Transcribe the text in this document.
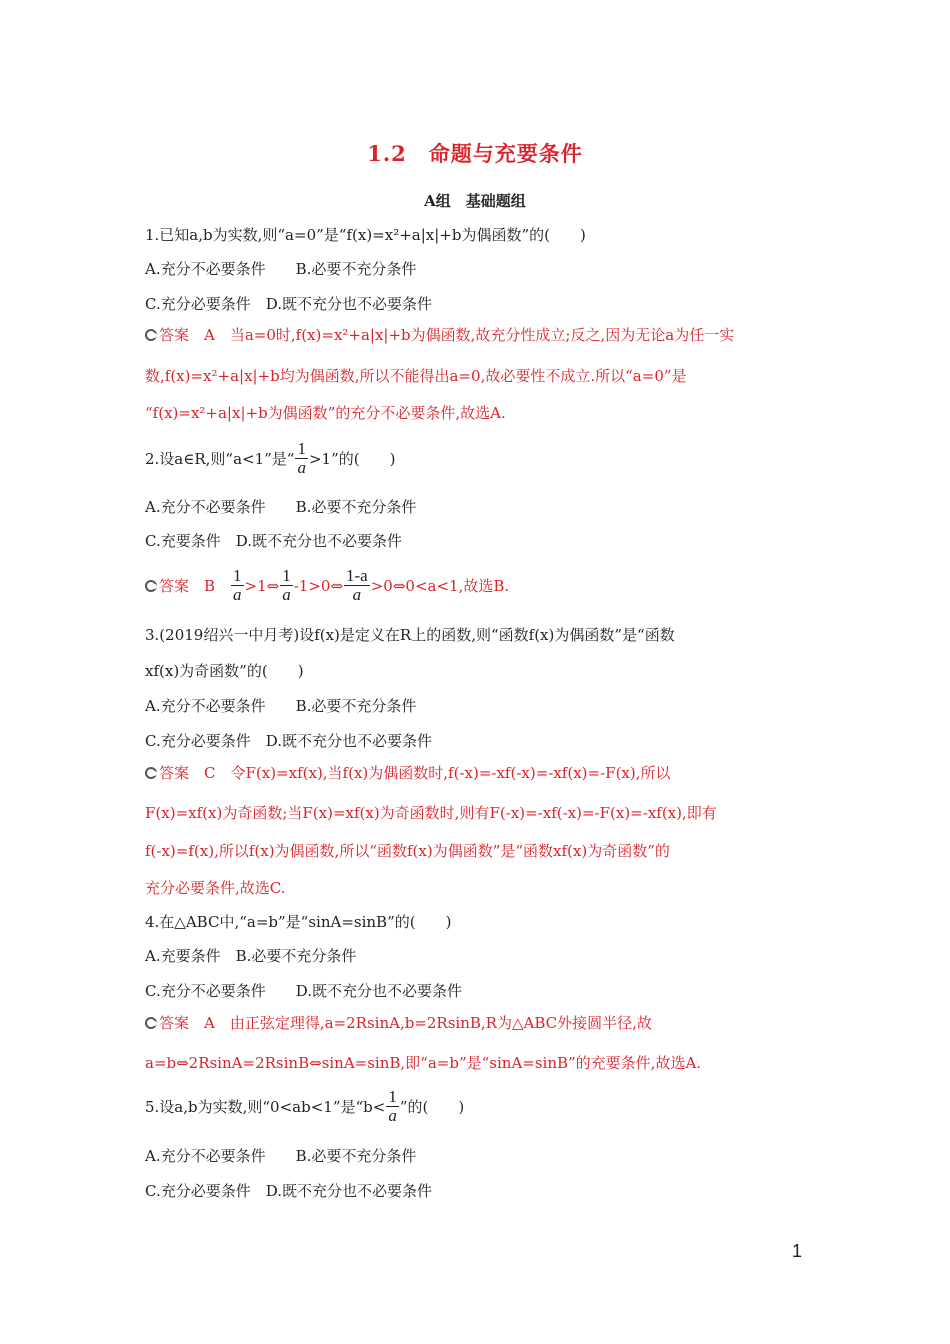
1.2　命题与充要条件
A组　基础题组
1.已知a,b为实数,则“a=0”是“f(x)=x²+a|x|+b为偶函数”的(　　)
A.充分不必要条件　　B.必要不充分条件
C.充分必要条件　D.既不充分也不必要条件
答案　A　当a=0时,f(x)=x²+a|x|+b为偶函数,故充分性成立;反之,因为无论a为任一实
数,f(x)=x²+a|x|+b均为偶函数,所以不能得出a=0,故必要性不成立.所以“a=0”是
“f(x)=x²+a|x|+b为偶函数”的充分不必要条件,故选A.
2.设a∈R,则“a<1”是“ $\frac{1}{a} >1$”的(　　)
A.充分不必要条件　　B.必要不充分条件
C.充要条件　D.既不充分也不必要条件
答案　B　 $\frac{1}{a}$ >1⇔ $\frac{1}{a}$ -1>0⇔ $\frac{1-a}{a}$ >0⇔0<a<1,故选B.
3.(2019绍兴一中月考)设f(x)是定义在R上的函数,则“函数f(x)为偶函数”是“函数
xf(x)为奇函数”的(　　)
A.充分不必要条件　　B.必要不充分条件
C.充分必要条件　D.既不充分也不必要条件
答案　C　令F(x)=xf(x),当f(x)为偶函数时,f(-x)=-xf(-x)=-xf(x)=-F(x),所以
F(x)=xf(x)为奇函数;当F(x)=xf(x)为奇函数时,则有F(-x)=-xf(-x)=-F(x)=-xf(x),即有
f(-x)=f(x),所以f(x)为偶函数,所以“函数f(x)为偶函数”是“函数xf(x)为奇函数”的
充分必要条件,故选C.
4.在△ABC中,“a=b”是“sinA=sinB”的(　　)
A.充要条件　B.必要不充分条件
C.充分不必要条件　　D.既不充分也不必要条件
答案　A　由正弦定理得,a=2RsinA,b=2RsinB,R为△ABC外接圆半径,故
a=b⇔2RsinA=2RsinB⇔sinA=sinB,即“a=b”是“sinA=sinB”的充要条件,故选A.
5.设a,b为实数,则“0<ab<1”是“$b< \frac{1}{a}$ ”的(　　)
A.充分不必要条件　　B.必要不充分条件
C.充分必要条件　D.既不充分也不必要条件
1
